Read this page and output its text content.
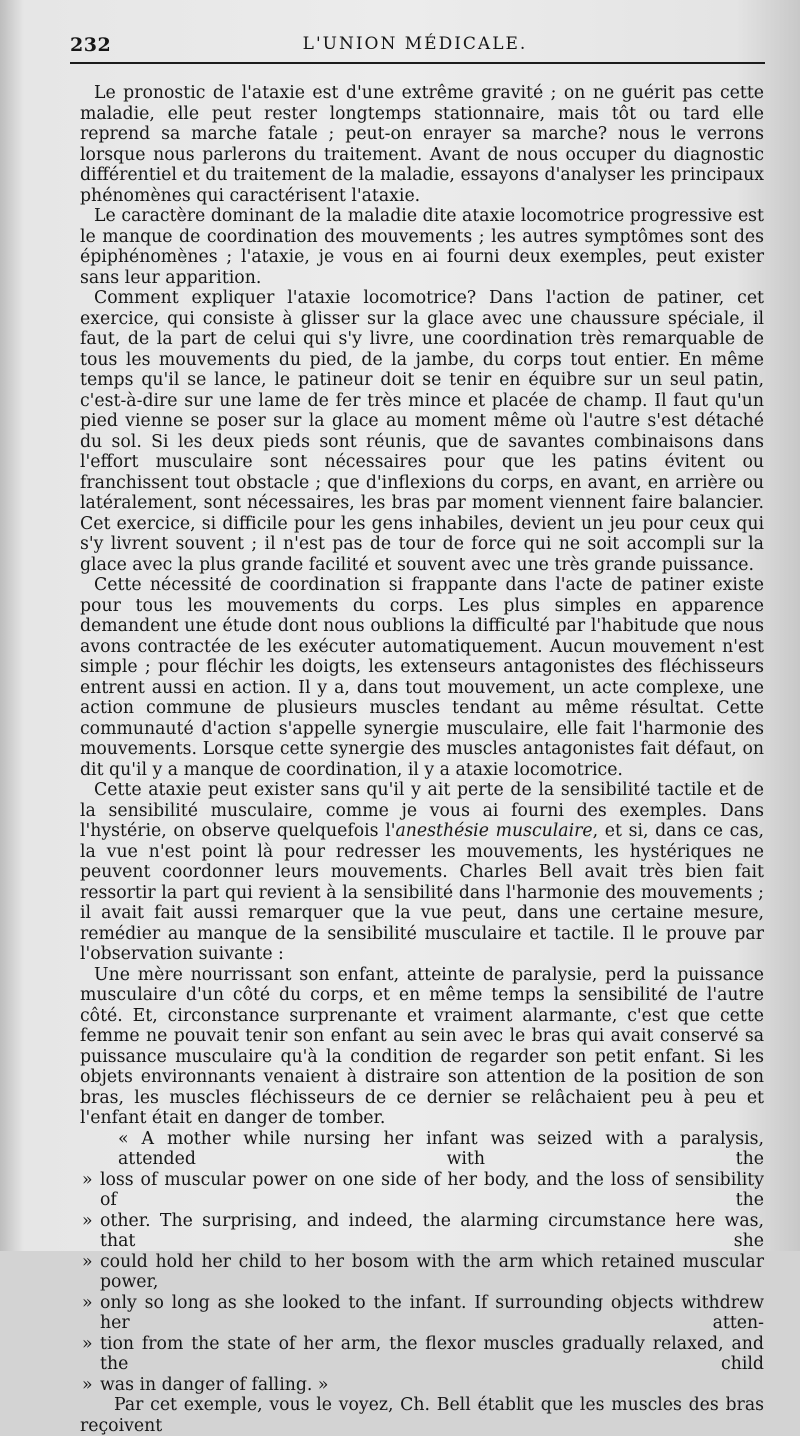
232	L'UNION MÉDICALE.

Le pronostic de l'ataxie est d'une extrême gravité ; on ne guérit pas cette maladie, elle peut rester longtemps stationnaire, mais tôt ou tard elle reprend sa marche fatale ; peut-on enrayer sa marche? nous le verrons lorsque nous parlerons du traitement. Avant de nous occuper du diagnostic différentiel et du traitement de la maladie, essayons d'analyser les principaux phénomènes qui caractérisent l'ataxie.

Le caractère dominant de la maladie dite ataxie locomotrice progressive est le manque de coordination des mouvements ; les autres symptômes sont des épiphénomènes ; l'ataxie, je vous en ai fourni deux exemples, peut exister sans leur apparition.

Comment expliquer l'ataxie locomotrice? Dans l'action de patiner, cet exercice, qui consiste à glisser sur la glace avec une chaussure spéciale, il faut, de la part de celui qui s'y livre, une coordination très remarquable de tous les mouvements du pied, de la jambe, du corps tout entier. En même temps qu'il se lance, le patineur doit se tenir en équibre sur un seul patin, c'est-à-dire sur une lame de fer très mince et placée de champ. Il faut qu'un pied vienne se poser sur la glace au moment même où l'autre s'est détaché du sol. Si les deux pieds sont réunis, que de savantes combinaisons dans l'effort musculaire sont nécessaires pour que les patins évitent ou franchissent tout obstacle ; que d'inflexions du corps, en avant, en arrière ou latéralement, sont nécessaires, les bras par moment viennent faire balancier. Cet exercice, si difficile pour les gens inhabiles, devient un jeu pour ceux qui s'y livrent souvent ; il n'est pas de tour de force qui ne soit accompli sur la glace avec la plus grande facilité et souvent avec une très grande puissance.

Cette nécessité de coordination si frappante dans l'acte de patiner existe pour tous les mouvements du corps. Les plus simples en apparence demandent une étude dont nous oublions la difficulté par l'habitude que nous avons contractée de les exécuter automatiquement. Aucun mouvement n'est simple ; pour fléchir les doigts, les extenseurs antagonistes des fléchisseurs entrent aussi en action. Il y a, dans tout mouvement, un acte complexe, une action commune de plusieurs muscles tendant au même résultat. Cette communauté d'action s'appelle synergie musculaire, elle fait l'harmonie des mouvements. Lorsque cette synergie des muscles antagonistes fait défaut, on dit qu'il y a manque de coordination, il y a ataxie locomotrice.

Cette ataxie peut exister sans qu'il y ait perte de la sensibilité tactile et de la sensibilité musculaire, comme je vous ai fourni des exemples. Dans l'hystérie, on observe quelquefois l'anesthésie musculaire, et si, dans ce cas, la vue n'est point là pour redresser les mouvements, les hystériques ne peuvent coordonner leurs mouvements. Charles Bell avait très bien fait ressortir la part qui revient à la sensibilité dans l'harmonie des mouvements ; il avait fait aussi remarquer que la vue peut, dans une certaine mesure, remédier au manque de la sensibilité musculaire et tactile. Il le prouve par l'observation suivante :

Une mère nourrissant son enfant, atteinte de paralysie, perd la puissance musculaire d'un côté du corps, et en même temps la sensibilité de l'autre côté. Et, circonstance surprenante et vraiment alarmante, c'est que cette femme ne pouvait tenir son enfant au sein avec le bras qui avait conservé sa puissance musculaire qu'à la condition de regarder son petit enfant. Si les objets environnants venaient à distraire son attention de la position de son bras, les muscles fléchisseurs de ce dernier se relâchaient peu à peu et l'enfant était en danger de tomber.

« A mother while nursing her infant was seized with a paralysis, attended with the
» loss of muscular power on one side of her body, and the loss of sensibility of the
» other. The surprising, and indeed, the alarming circumstance here was, that she
» could hold her child to her bosom with the arm which retained muscular power,
» only so long as she looked to the infant. If surrounding objects withdrew her atten-
» tion from the state of her arm, the flexor muscles gradually relaxed, and the child
» was in danger of falling. »

Par cet exemple, vous le voyez, Ch. Bell établit que les muscles des bras reçoivent
